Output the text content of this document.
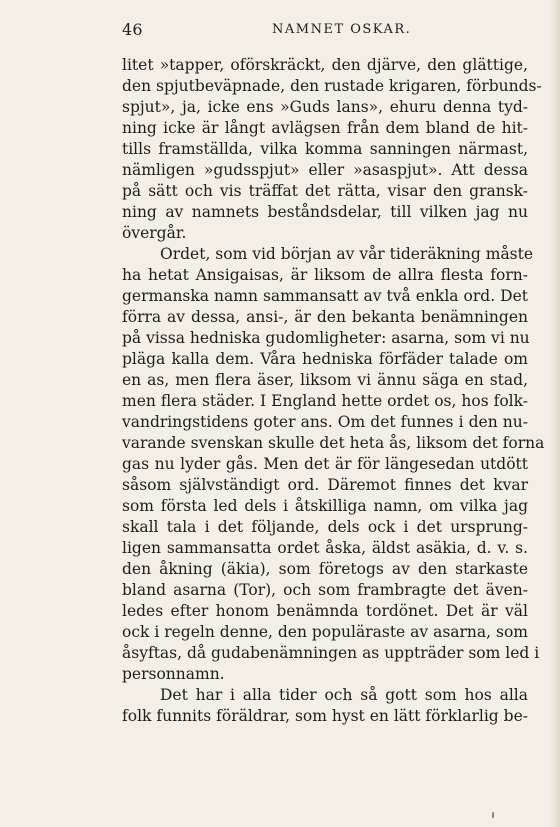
46	NAMNET OSKAR.
litet »tapper, oförskräckt, den djärve, den glättige,
den spjutbeväpnade, den rustade krigaren, förbunds-
spjut», ja, icke ens »Guds lans», ehuru denna tyd-
ning icke är långt avlägsen från dem bland de hit-
tills framställda, vilka komma sanningen närmast,
nämligen »gudsspjut» eller »asaspjut». Att dessa
på sätt och vis träffat det rätta, visar den gransk-
ning av namnets beståndsdelar, till vilken jag nu
övergår.
Ordet, som vid början av vår tideräkning måste
ha hetat Ansigaisas, är liksom de allra flesta forn-
germanska namn sammansatt av två enkla ord. Det
förra av dessa, ansi-, är den bekanta benämningen
på vissa hedniska gudomligheter: asarna, som vi nu
pläga kalla dem. Våra hedniska förfäder talade om
en as, men flera äser, liksom vi ännu säga en stad,
men flera städer. I England hette ordet os, hos folk-
vandringstidens goter ans. Om det funnes i den nu-
varande svenskan skulle det heta ås, liksom det forna
gas nu lyder gås. Men det är för längesedan utdött
såsom självständigt ord. Däremot finnes det kvar
som första led dels i åtskilliga namn, om vilka jag
skall tala i det följande, dels ock i det ursprung-
ligen sammansatta ordet åska, äldst asäkia, d. v. s.
den åkning (äkia), som företogs av den starkaste
bland asarna (Tor), och som frambragte det även-
ledes efter honom benämnda tordönet. Det är väl
ock i regeln denne, den populäraste av asarna, som
åsyftas, då gudabenämningen as uppträder som led i
personnamn.
Det har i alla tider och så gott som hos alla
folk funnits föräldrar, som hyst en lätt förklarlig be-
